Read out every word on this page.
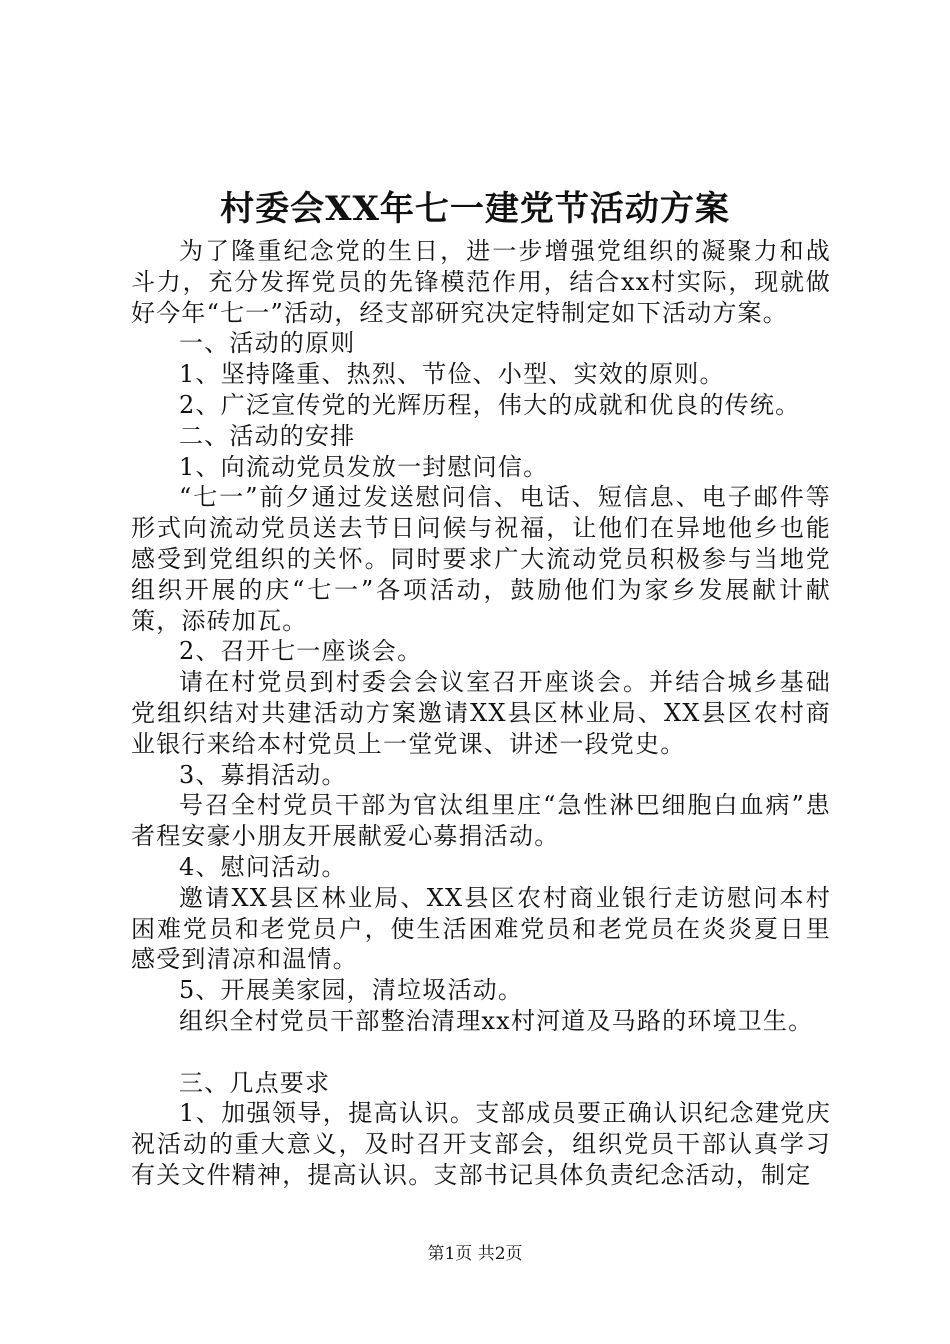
村委会XX年七一建党节活动方案

为了隆重纪念党的生日，进一步增强党组织的凝聚力和战斗力，充分发挥党员的先锋模范作用，结合xx村实际，现就做好今年“七一”活动，经支部研究决定特制定如下活动方案。

一、活动的原则

1、坚持隆重、热烈、节俭、小型、实效的原则。

2、广泛宣传党的光辉历程，伟大的成就和优良的传统。

二、活动的安排

1、向流动党员发放一封慰问信。

“七一”前夕通过发送慰问信、电话、短信息、电子邮件等形式向流动党员送去节日问候与祝福，让他们在异地他乡也能感受到党组织的关怀。同时要求广大流动党员积极参与当地党组织开展的庆“七一”各项活动，鼓励他们为家乡发展献计献策，添砖加瓦。

2、召开七一座谈会。

请在村党员到村委会会议室召开座谈会。并结合城乡基础党组织结对共建活动方案邀请XX县区林业局、XX县区农村商业银行来给本村党员上一堂党课、讲述一段党史。

3、募捐活动。

号召全村党员干部为官汰组里庄“急性淋巴细胞白血病”患者程安豪小朋友开展献爱心募捐活动。

4、慰问活动。

邀请XX县区林业局、XX县区农村商业银行走访慰问本村困难党员和老党员户，使生活困难党员和老党员在炎炎夏日里感受到清凉和温情。

5、开展美家园，清垃圾活动。

组织全村党员干部整治清理xx村河道及马路的环境卫生。

三、几点要求

1、加强领导，提高认识。支部成员要正确认识纪念建党庆祝活动的重大意义，及时召开支部会，组织党员干部认真学习有关文件精神，提高认识。支部书记具体负责纪念活动，制定

第1页 共2页
